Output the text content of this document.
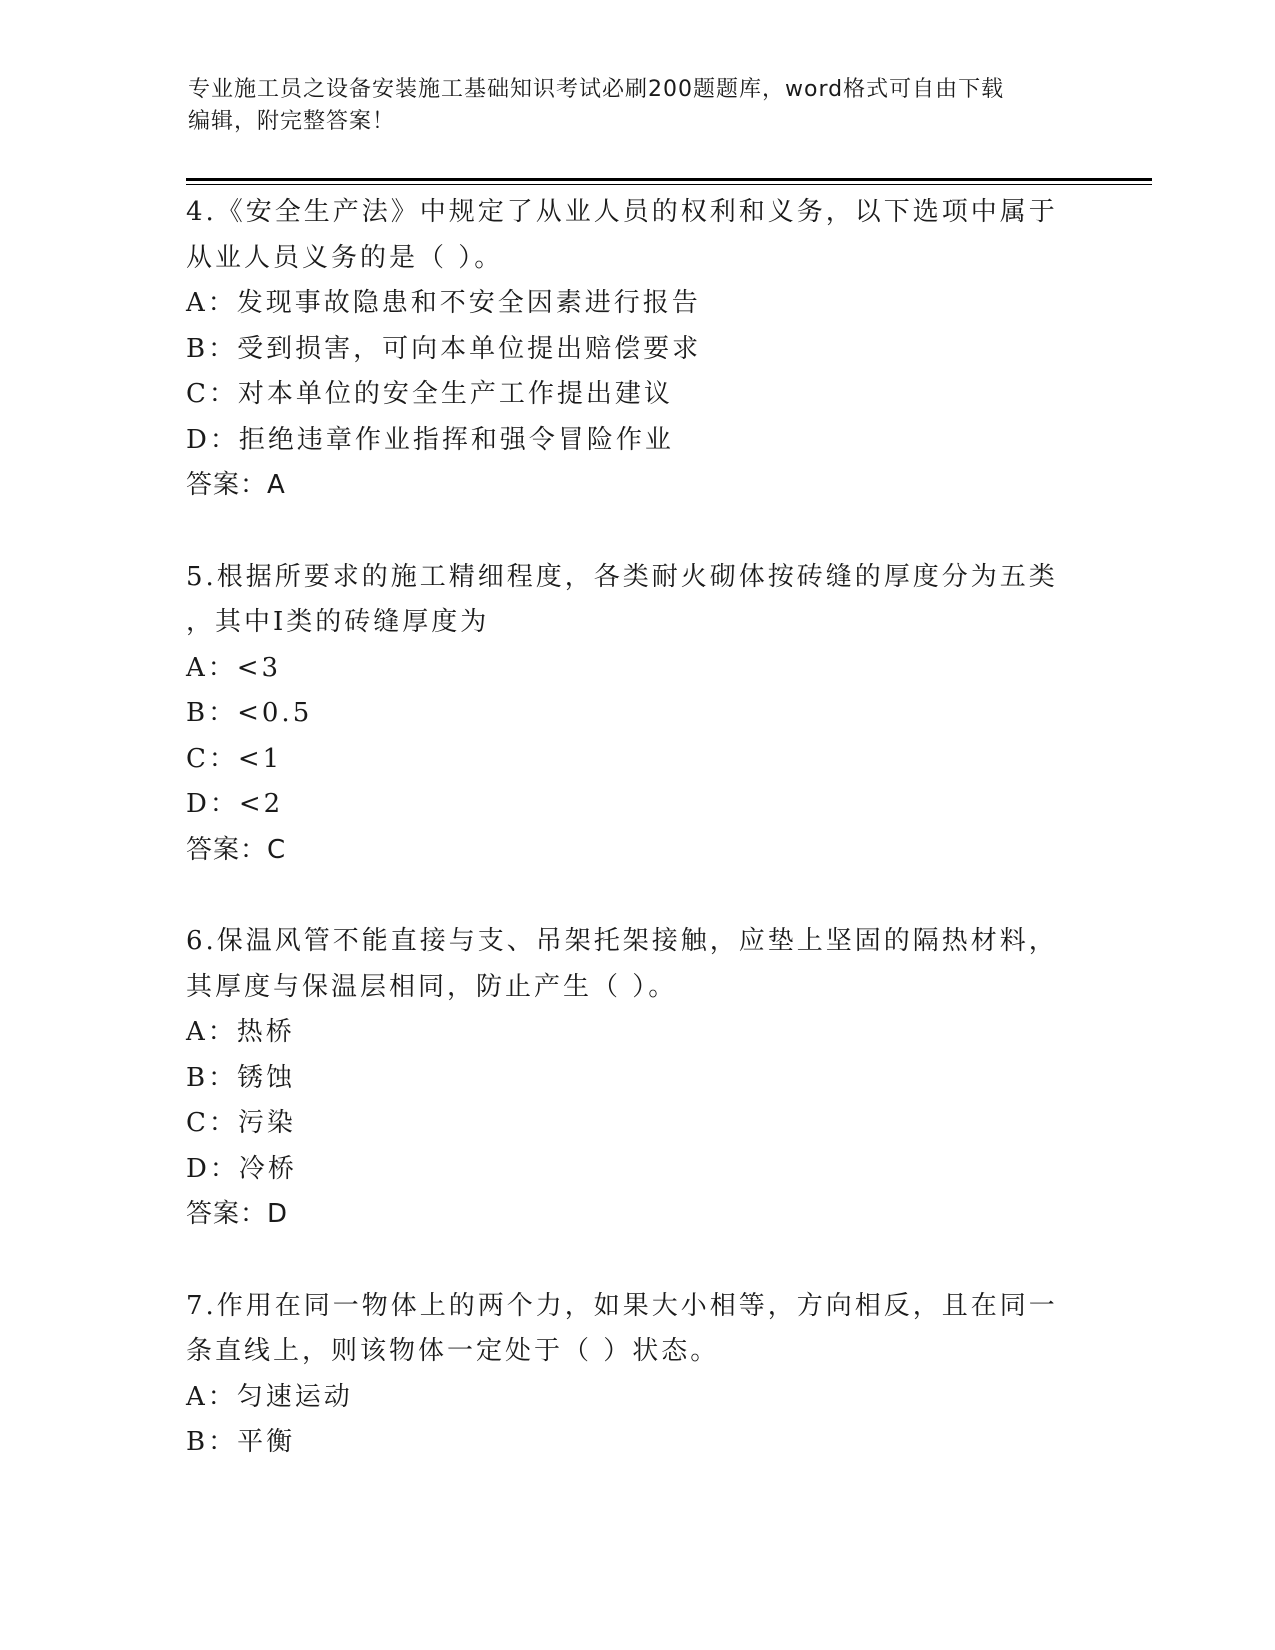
专业施工员之设备安装施工基础知识考试必刷200题题库，word格式可自由下载
编辑，附完整答案！

4.《安全生产法》中规定了从业人员的权利和义务，以下选项中属于

从业人员义务的是（ ）。

A：发现事故隐患和不安全因素进行报告

B：受到损害，可向本单位提出赔偿要求

C：对本单位的安全生产工作提出建议

D：拒绝违章作业指挥和强令冒险作业

答案：A

5.根据所要求的施工精细程度，各类耐火砌体按砖缝的厚度分为五类

，其中Ⅰ类的砖缝厚度为

A：<3

B：<0.5

C：<1

D：<2

答案：C

6.保温风管不能直接与支、吊架托架接触，应垫上坚固的隔热材料，

其厚度与保温层相同，防止产生（ ）。

A：热桥

B：锈蚀

C：污染

D：冷桥

答案：D

7.作用在同一物体上的两个力，如果大小相等，方向相反，且在同一

条直线上，则该物体一定处于（ ）状态。

A：匀速运动

B：平衡
